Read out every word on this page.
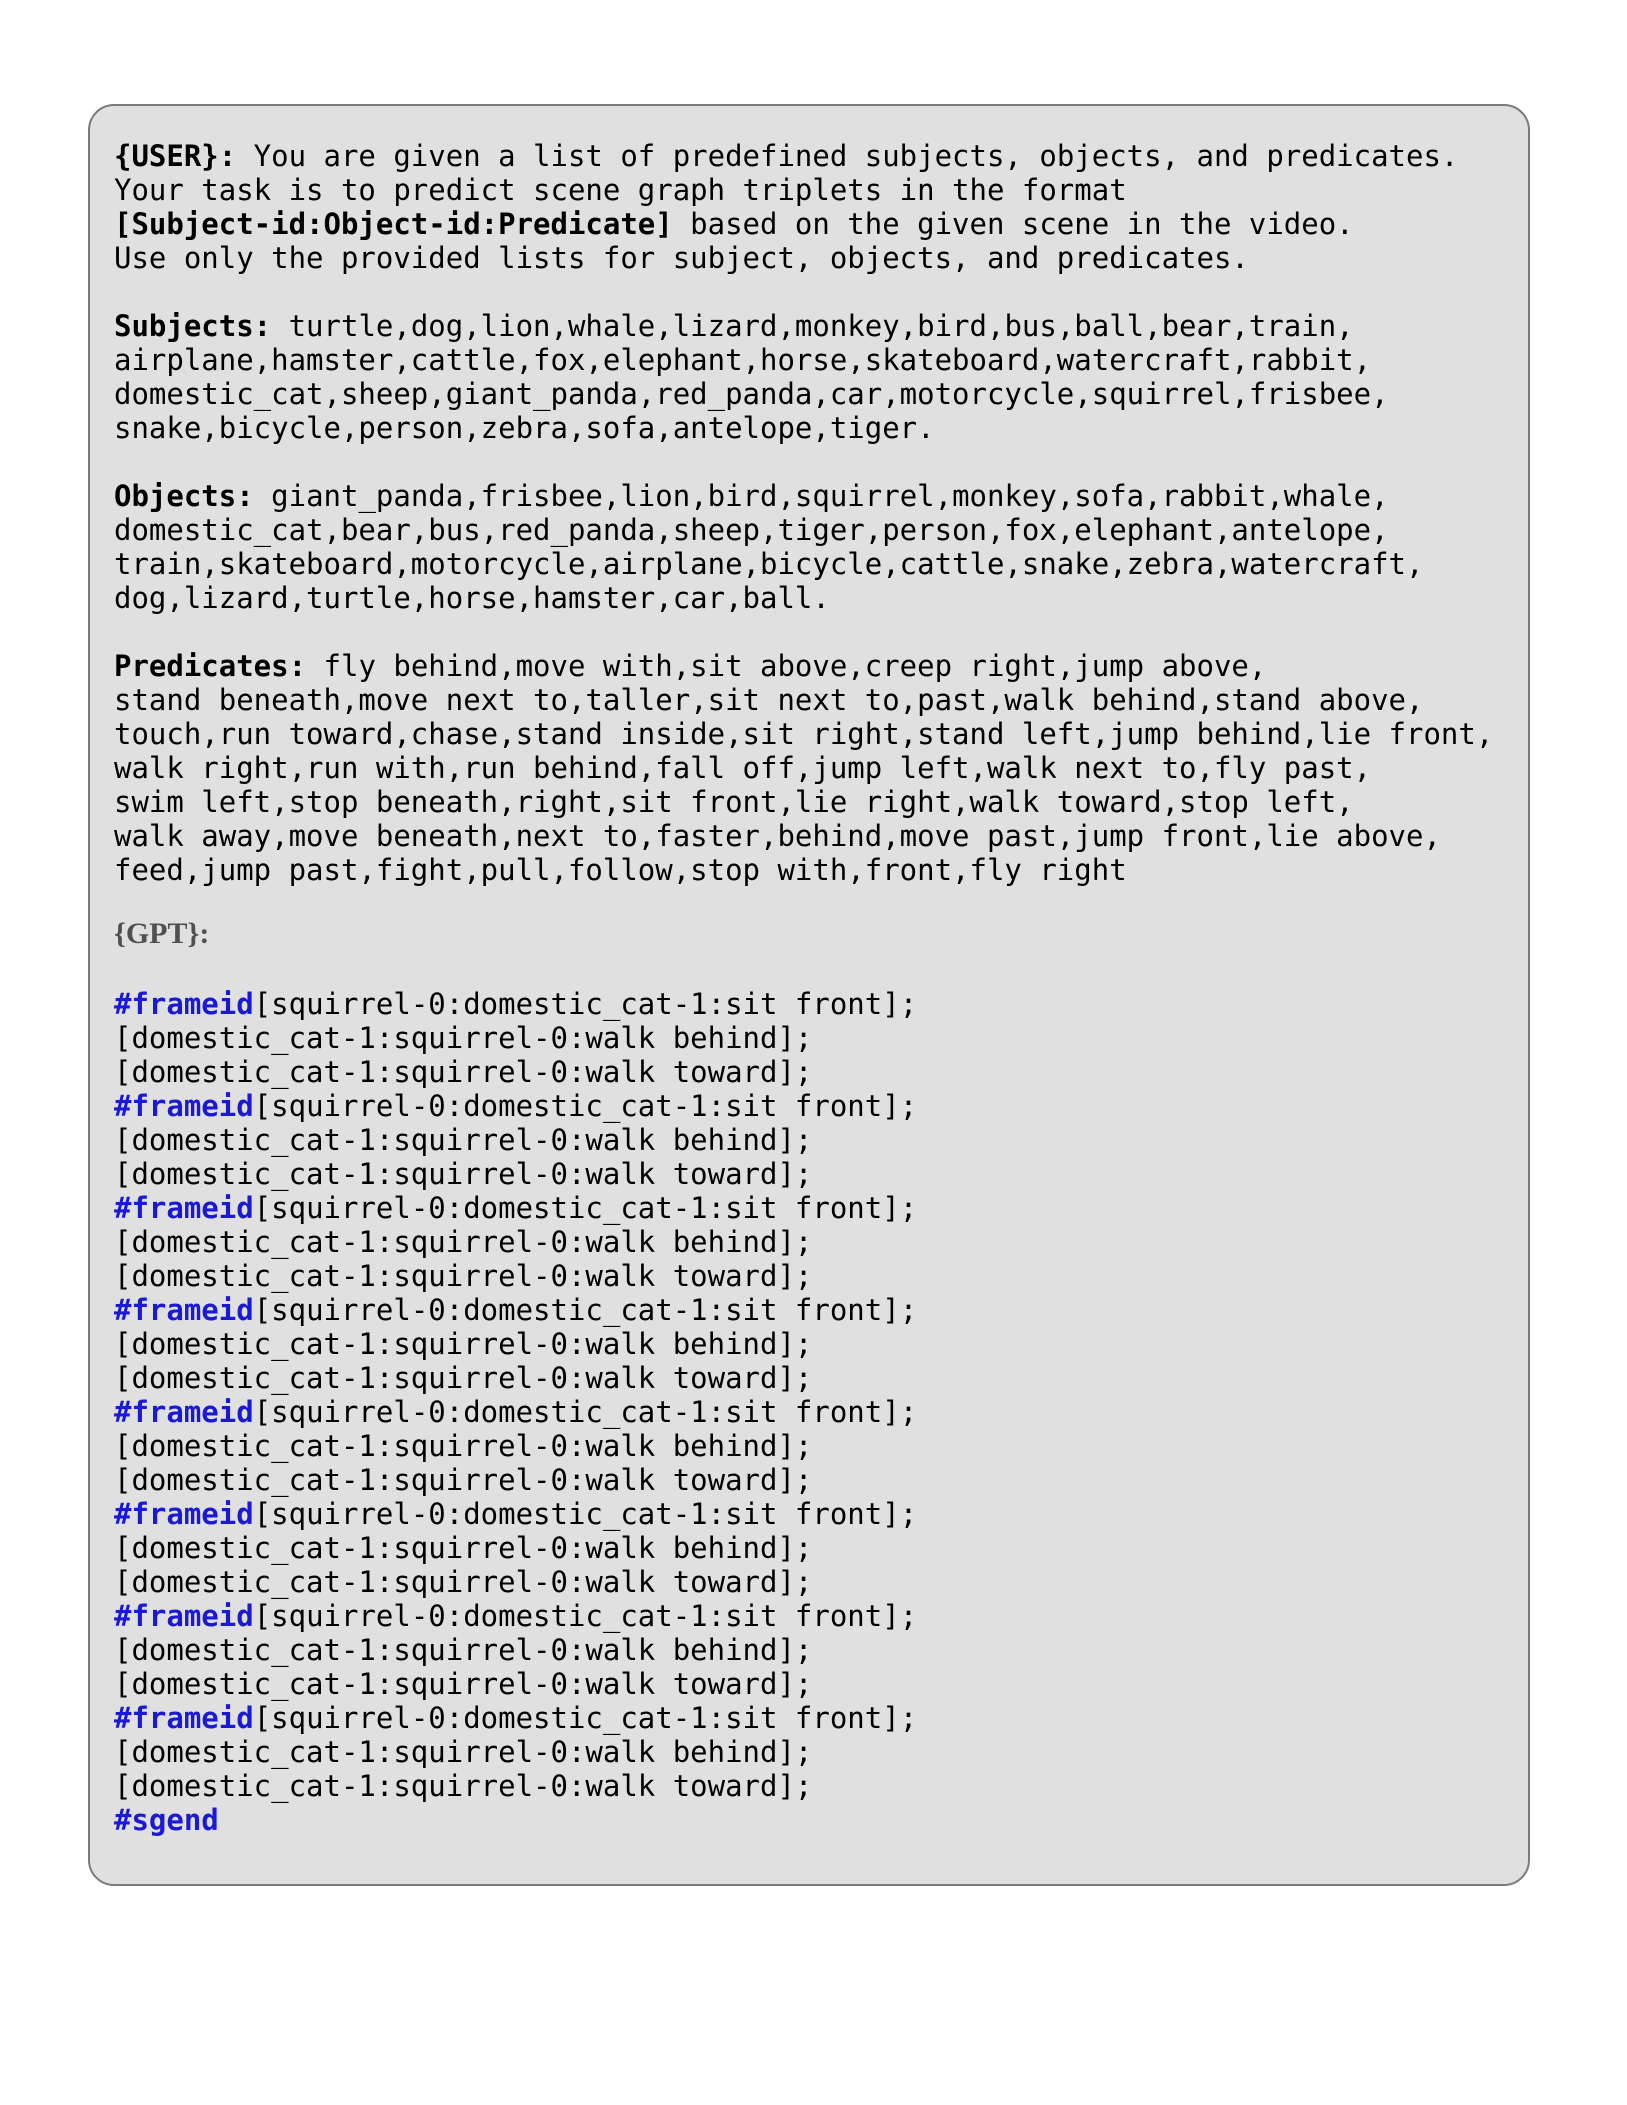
{USER}: You are given a list of predefined subjects, objects, and predicates.
Your task is to predict scene graph triplets in the format
[Subject-id:Object-id:Predicate] based on the given scene in the video.
Use only the provided lists for subject, objects, and predicates.
Subjects: turtle,dog,lion,whale,lizard,monkey,bird,bus,ball,bear,train,
airplane,hamster,cattle,fox,elephant,horse,skateboard,watercraft,rabbit,
domestic_cat,sheep,giant_panda,red_panda,car,motorcycle,squirrel,frisbee,
snake,bicycle,person,zebra,sofa,antelope,tiger.
Objects: giant_panda,frisbee,lion,bird,squirrel,monkey,sofa,rabbit,whale,
domestic_cat,bear,bus,red_panda,sheep,tiger,person,fox,elephant,antelope,
train,skateboard,motorcycle,airplane,bicycle,cattle,snake,zebra,watercraft,
dog,lizard,turtle,horse,hamster,car,ball.
Predicates: fly behind,move with,sit above,creep right,jump above,
stand beneath,move next to,taller,sit next to,past,walk behind,stand above,
touch,run toward,chase,stand inside,sit right,stand left,jump behind,lie front,
walk right,run with,run behind,fall off,jump left,walk next to,fly past,
swim left,stop beneath,right,sit front,lie right,walk toward,stop left,
walk away,move beneath,next to,faster,behind,move past,jump front,lie above,
feed,jump past,fight,pull,follow,stop with,front,fly right
{GPT}:
#frameid[squirrel-0:domestic_cat-1:sit front];
[domestic_cat-1:squirrel-0:walk behind];
[domestic_cat-1:squirrel-0:walk toward];
#frameid[squirrel-0:domestic_cat-1:sit front];
[domestic_cat-1:squirrel-0:walk behind];
[domestic_cat-1:squirrel-0:walk toward];
#frameid[squirrel-0:domestic_cat-1:sit front];
[domestic_cat-1:squirrel-0:walk behind];
[domestic_cat-1:squirrel-0:walk toward];
#frameid[squirrel-0:domestic_cat-1:sit front];
[domestic_cat-1:squirrel-0:walk behind];
[domestic_cat-1:squirrel-0:walk toward];
#frameid[squirrel-0:domestic_cat-1:sit front];
[domestic_cat-1:squirrel-0:walk behind];
[domestic_cat-1:squirrel-0:walk toward];
#frameid[squirrel-0:domestic_cat-1:sit front];
[domestic_cat-1:squirrel-0:walk behind];
[domestic_cat-1:squirrel-0:walk toward];
#frameid[squirrel-0:domestic_cat-1:sit front];
[domestic_cat-1:squirrel-0:walk behind];
[domestic_cat-1:squirrel-0:walk toward];
#frameid[squirrel-0:domestic_cat-1:sit front];
[domestic_cat-1:squirrel-0:walk behind];
[domestic_cat-1:squirrel-0:walk toward];
#sgend
